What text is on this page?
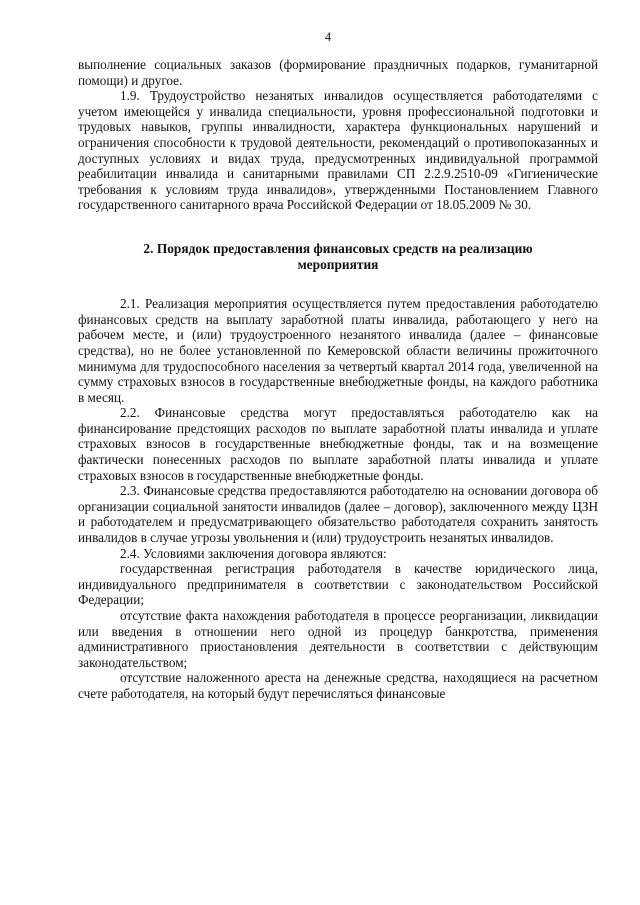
4

выполнение социальных заказов (формирование праздничных подарков, гуманитарной помощи) и другое.

1.9. Трудоустройство незанятых инвалидов осуществляется работодателями с учетом имеющейся у инвалида специальности, уровня профессиональной подготовки и трудовых навыков, группы инвалидности, характера функциональных нарушений и ограничения способности к трудовой деятельности, рекомендаций о противопоказанных и доступных условиях и видах труда, предусмотренных индивидуальной программой реабилитации инвалида и санитарными правилами СП 2.2.9.2510-09 «Гигиенические требования к условиям труда инвалидов», утвержденными Постановлением Главного государственного санитарного врача Российской Федерации от 18.05.2009 № 30.

2. Порядок предоставления финансовых средств на реализацию мероприятия

2.1. Реализация мероприятия осуществляется путем предоставления работодателю финансовых средств на выплату заработной платы инвалида, работающего у него на рабочем месте, и (или) трудоустроенного незанятого инвалида (далее – финансовые средства), но не более установленной по Кемеровской области величины прожиточного минимума для трудоспособного населения за четвертый квартал 2014 года, увеличенной на сумму страховых взносов в государственные внебюджетные фонды, на каждого работника в месяц.

2.2. Финансовые средства могут предоставляться работодателю как на финансирование предстоящих расходов по выплате заработной платы инвалида и уплате страховых взносов в государственные внебюджетные фонды, так и на возмещение фактически понесенных расходов по выплате заработной платы инвалида и уплате страховых взносов в государственные внебюджетные фонды.

2.3. Финансовые средства предоставляются работодателю на основании договора об организации социальной занятости инвалидов (далее – договор), заключенного между ЦЗН и работодателем и предусматривающего обязательство работодателя сохранить занятость инвалидов в случае угрозы увольнения и (или) трудоустроить незанятых инвалидов.

2.4. Условиями заключения договора являются:

государственная регистрация работодателя в качестве юридического лица, индивидуального предпринимателя в соответствии с законодательством Российской Федерации;

отсутствие факта нахождения работодателя в процессе реорганизации, ликвидации или введения в отношении него одной из процедур банкротства, применения административного приостановления деятельности в соответствии с действующим законодательством;

отсутствие наложенного ареста на денежные средства, находящиеся на расчетном счете работодателя, на который будут перечисляться финансовые
